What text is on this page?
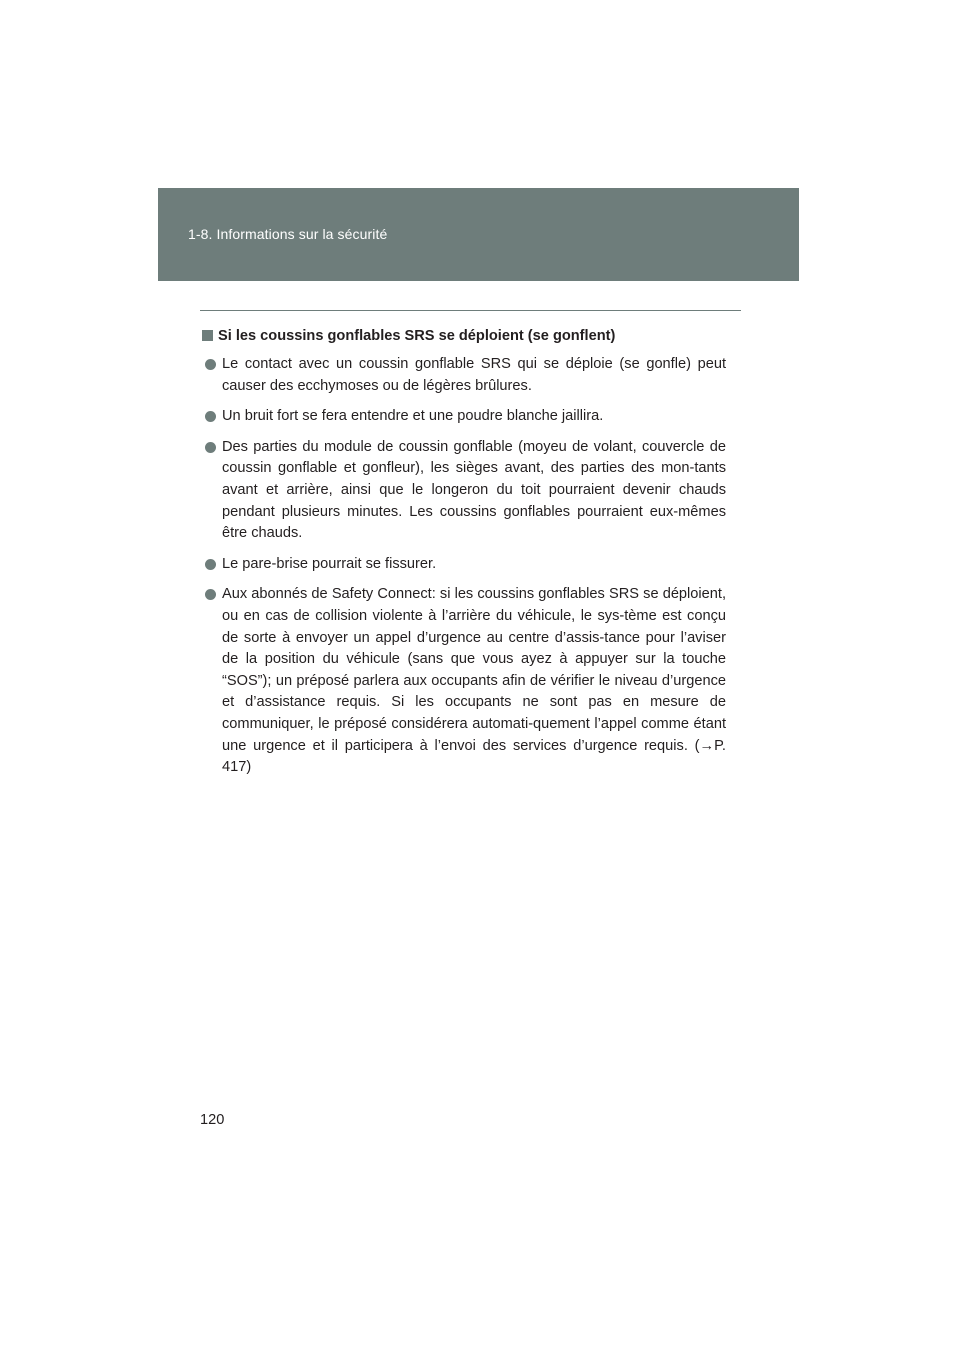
1-8. Informations sur la sécurité
Si les coussins gonflables SRS se déploient (se gonflent)
Le contact avec un coussin gonflable SRS qui se déploie (se gonfle) peut causer des ecchymoses ou de légères brûlures.
Un bruit fort se fera entendre et une poudre blanche jaillira.
Des parties du module de coussin gonflable (moyeu de volant, couvercle de coussin gonflable et gonfleur), les sièges avant, des parties des mon-tants avant et arrière, ainsi que le longeron du toit pourraient devenir chauds pendant plusieurs minutes. Les coussins gonflables pourraient eux-mêmes être chauds.
Le pare-brise pourrait se fissurer.
Aux abonnés de Safety Connect: si les coussins gonflables SRS se déploient, ou en cas de collision violente à l’arrière du véhicule, le sys-tème est conçu de sorte à envoyer un appel d’urgence au centre d’assis-tance pour l’aviser de la position du véhicule (sans que vous ayez à appuyer sur la touche “SOS”); un préposé parlera aux occupants afin de vérifier le niveau d’urgence et d’assistance requis. Si les occupants ne sont pas en mesure de communiquer, le préposé considérera automati-quement l’appel comme étant une urgence et il participera à l’envoi des services d’urgence requis. (→P. 417)
120
